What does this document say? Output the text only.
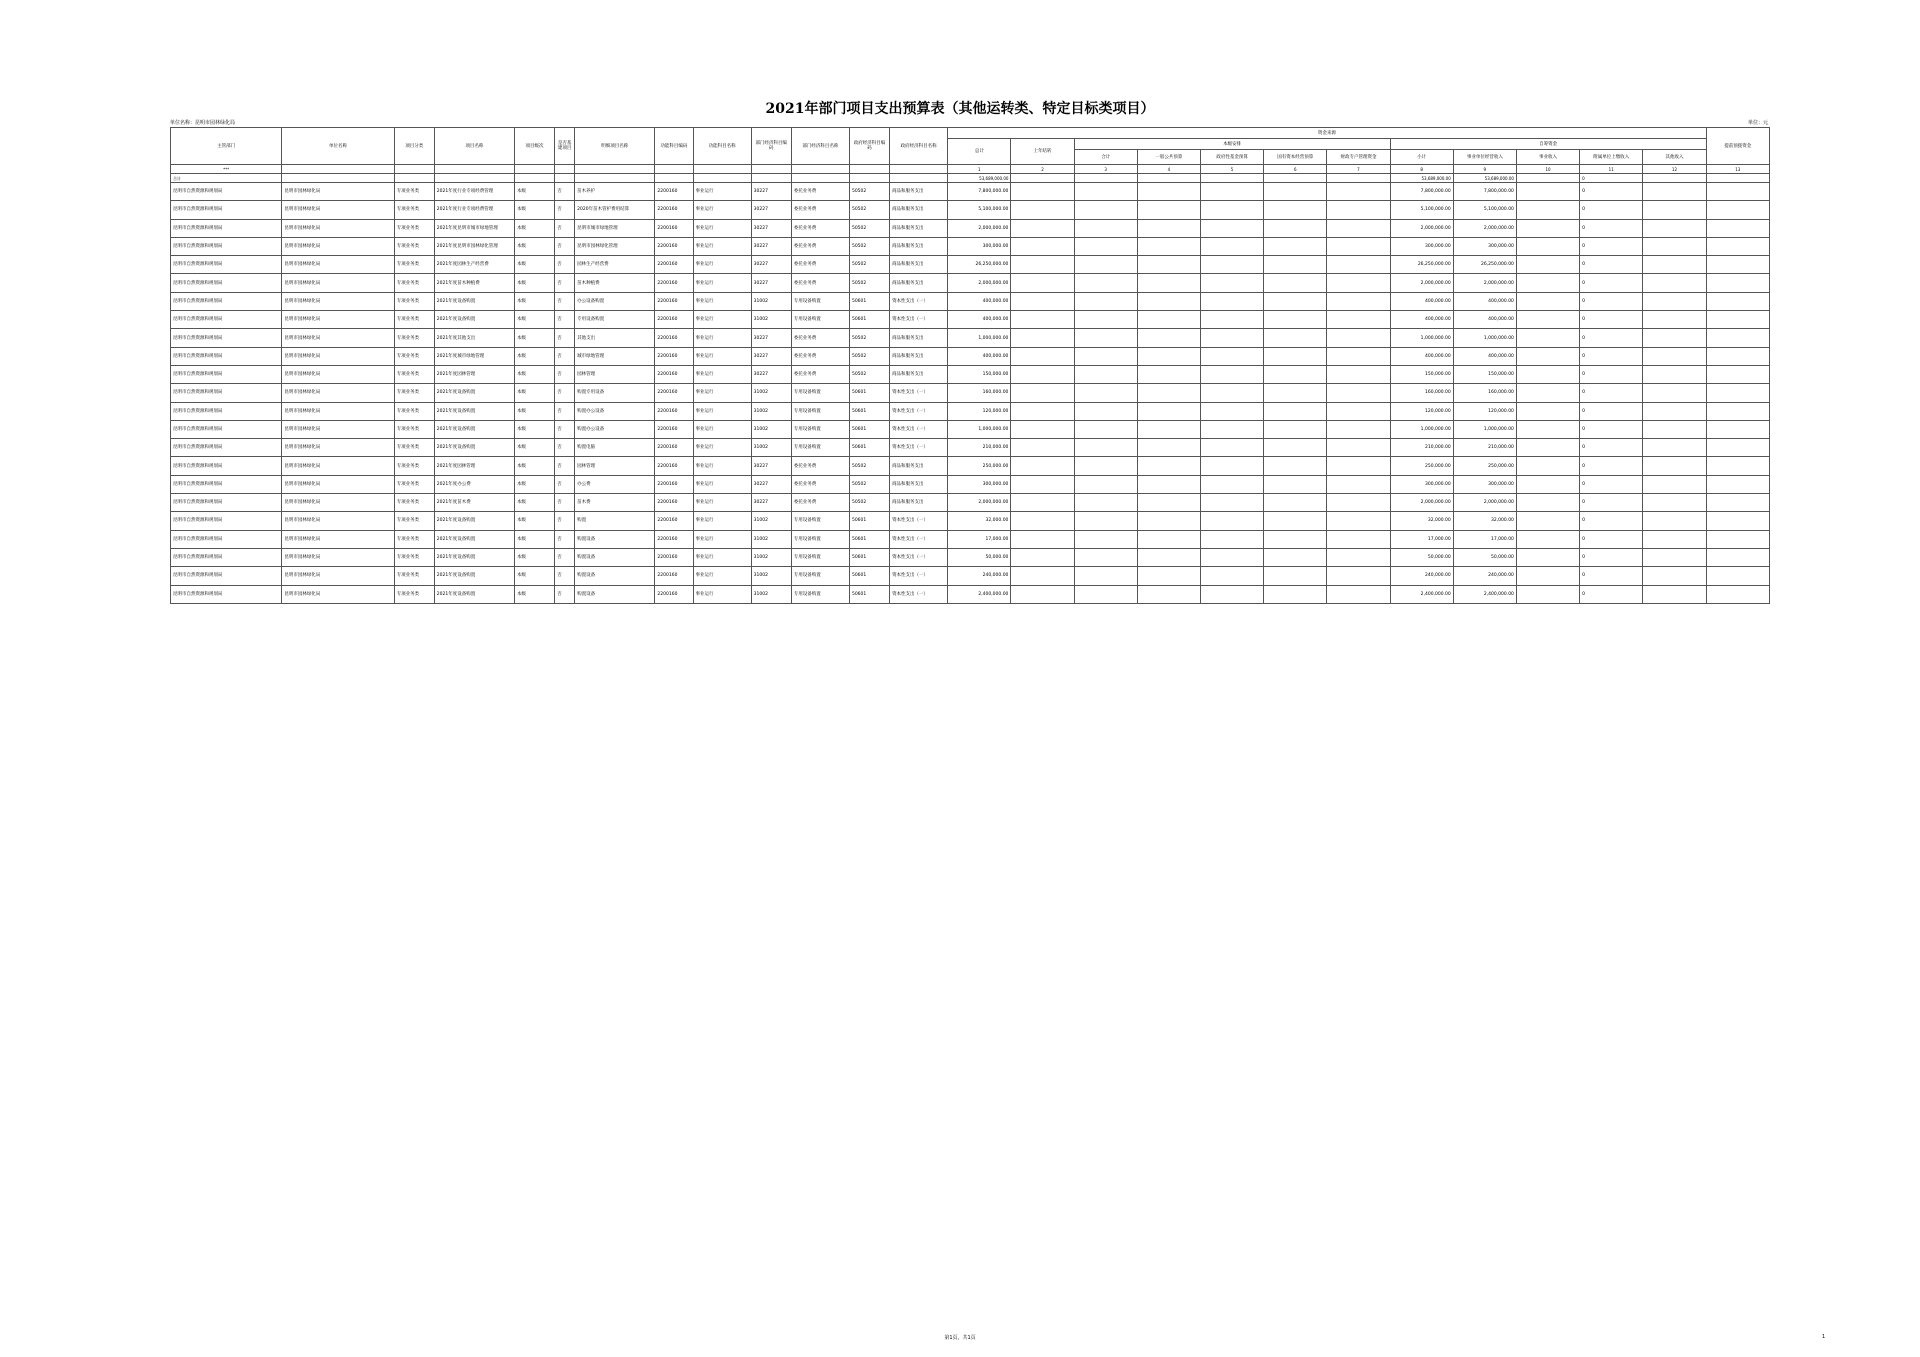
2021年部门项目支出预算表（其他运转类、特定目标类项目）
单位名称：昆明市园林绿化局	单位：元
主管部门	单位名称	项目分类	项目名称	项目级次	是否基建项目	明细项目名称	功能科目编码	功能科目名称	部门经济科目编码	部门经济科目名称	政府经济科目编码	政府经济科目名称	资金来源												提前预拨资金
													总计	上年结转	本级安排					自筹资金					
															合计	一般公共预算	政府性基金预算	国有资本经营预算	财政专户管理资金	小计	事业单位经营收入	事业收入	附属单位上缴收入	其他收入	
***													1	2	3	4	5	6	7	8	9	10	11	12	13
合计													53,689,000.00							53,689,000.00	53,689,000.00		0		
昆明市自然资源和规划局	昆明市园林绿化局	专项业务类	2021年度行业专项经费管理	本级	否	苗木养护	2200160	事业运行	30227	委托业务费	50502	商品和服务支出	7,800,000.00							7,800,000.00	7,800,000.00		0		
昆明市自然资源和规划局	昆明市园林绿化局	专项业务类	2021年度行业专项经费管理	本级	否	2020年苗木管护费用结算	2200160	事业运行	30227	委托业务费	50502	商品和服务支出	5,100,000.00							5,100,000.00	5,100,000.00		0		
昆明市自然资源和规划局	昆明市园林绿化局	专项业务类	2021年度昆明市城市绿地管理	本级	否	昆明市城市绿地管理	2200160	事业运行	30227	委托业务费	50502	商品和服务支出	2,000,000.00							2,000,000.00	2,000,000.00		0		
昆明市自然资源和规划局	昆明市园林绿化局	专项业务类	2021年度昆明市园林绿化管理	本级	否	昆明市园林绿化管理	2200160	事业运行	30227	委托业务费	50502	商品和服务支出	300,000.00							300,000.00	300,000.00		0		
昆明市自然资源和规划局	昆明市园林绿化局	专项业务类	2021年度园林生产经营费	本级	否	园林生产经营费	2200160	事业运行	30227	委托业务费	50502	商品和服务支出	26,250,000.00							26,250,000.00	26,250,000.00		0		
昆明市自然资源和规划局	昆明市园林绿化局	专项业务类	2021年度苗木种植费	本级	否	苗木种植费	2200160	事业运行	30227	委托业务费	50502	商品和服务支出	2,000,000.00							2,000,000.00	2,000,000.00		0		
昆明市自然资源和规划局	昆明市园林绿化局	专项业务类	2021年度设备购置	本级	否	办公设备购置	2200160	事业运行	31002	专用设备购置	50601	资本性支出（一）	400,000.00							400,000.00	400,000.00		0		
昆明市自然资源和规划局	昆明市园林绿化局	专项业务类	2021年度设备购置	本级	否	专用设备购置	2200160	事业运行	31002	专用设备购置	50601	资本性支出（一）	400,000.00							400,000.00	400,000.00		0		
昆明市自然资源和规划局	昆明市园林绿化局	专项业务类	2021年度其他支出	本级	否	其他支出	2200160	事业运行	30227	委托业务费	50502	商品和服务支出	1,000,000.00							1,000,000.00	1,000,000.00		0		
昆明市自然资源和规划局	昆明市园林绿化局	专项业务类	2021年度城市绿地管理	本级	否	城市绿地管理	2200160	事业运行	30227	委托业务费	50502	商品和服务支出	400,000.00							400,000.00	400,000.00		0		
昆明市自然资源和规划局	昆明市园林绿化局	专项业务类	2021年度园林管理	本级	否	园林管理	2200160	事业运行	30227	委托业务费	50502	商品和服务支出	150,000.00							150,000.00	150,000.00		0		
昆明市自然资源和规划局	昆明市园林绿化局	专项业务类	2021年度设备购置	本级	否	购置专用设备	2200160	事业运行	31002	专用设备购置	50601	资本性支出（一）	160,000.00							160,000.00	160,000.00		0		
昆明市自然资源和规划局	昆明市园林绿化局	专项业务类	2021年度设备购置	本级	否	购置办公设备	2200160	事业运行	31002	专用设备购置	50601	资本性支出（一）	120,000.00							120,000.00	120,000.00		0		
昆明市自然资源和规划局	昆明市园林绿化局	专项业务类	2021年度设备购置	本级	否	购置办公设备	2200160	事业运行	31002	专用设备购置	50601	资本性支出（一）	1,000,000.00							1,000,000.00	1,000,000.00		0		
昆明市自然资源和规划局	昆明市园林绿化局	专项业务类	2021年度设备购置	本级	否	购置电脑	2200160	事业运行	31002	专用设备购置	50601	资本性支出（一）	210,000.00							210,000.00	210,000.00		0		
昆明市自然资源和规划局	昆明市园林绿化局	专项业务类	2021年度园林管理	本级	否	园林管理	2200160	事业运行	30227	委托业务费	50502	商品和服务支出	250,000.00							250,000.00	250,000.00		0		
昆明市自然资源和规划局	昆明市园林绿化局	专项业务类	2021年度办公费	本级	否	办公费	2200160	事业运行	30227	委托业务费	50502	商品和服务支出	300,000.00							300,000.00	300,000.00		0		
昆明市自然资源和规划局	昆明市园林绿化局	专项业务类	2021年度苗木费	本级	否	苗木费	2200160	事业运行	30227	委托业务费	50502	商品和服务支出	2,000,000.00							2,000,000.00	2,000,000.00		0		
昆明市自然资源和规划局	昆明市园林绿化局	专项业务类	2021年度设备购置	本级	否	购置	2200160	事业运行	31002	专用设备购置	50601	资本性支出（一）	32,000.00							32,000.00	32,000.00		0		
昆明市自然资源和规划局	昆明市园林绿化局	专项业务类	2021年度设备购置	本级	否	购置设备	2200160	事业运行	31002	专用设备购置	50601	资本性支出（一）	17,000.00							17,000.00	17,000.00		0		
昆明市自然资源和规划局	昆明市园林绿化局	专项业务类	2021年度设备购置	本级	否	购置设备	2200160	事业运行	31002	专用设备购置	50601	资本性支出（一）	50,000.00							50,000.00	50,000.00		0		
昆明市自然资源和规划局	昆明市园林绿化局	专项业务类	2021年度设备购置	本级	否	购置设备	2200160	事业运行	31002	专用设备购置	50601	资本性支出（一）	240,000.00							240,000.00	240,000.00		0		
昆明市自然资源和规划局	昆明市园林绿化局	专项业务类	2021年度设备购置	本级	否	购置设备	2200160	事业运行	31002	专用设备购置	50601	资本性支出（一）	2,400,000.00							2,400,000.00	2,400,000.00		0		
第1页，共1页	1
